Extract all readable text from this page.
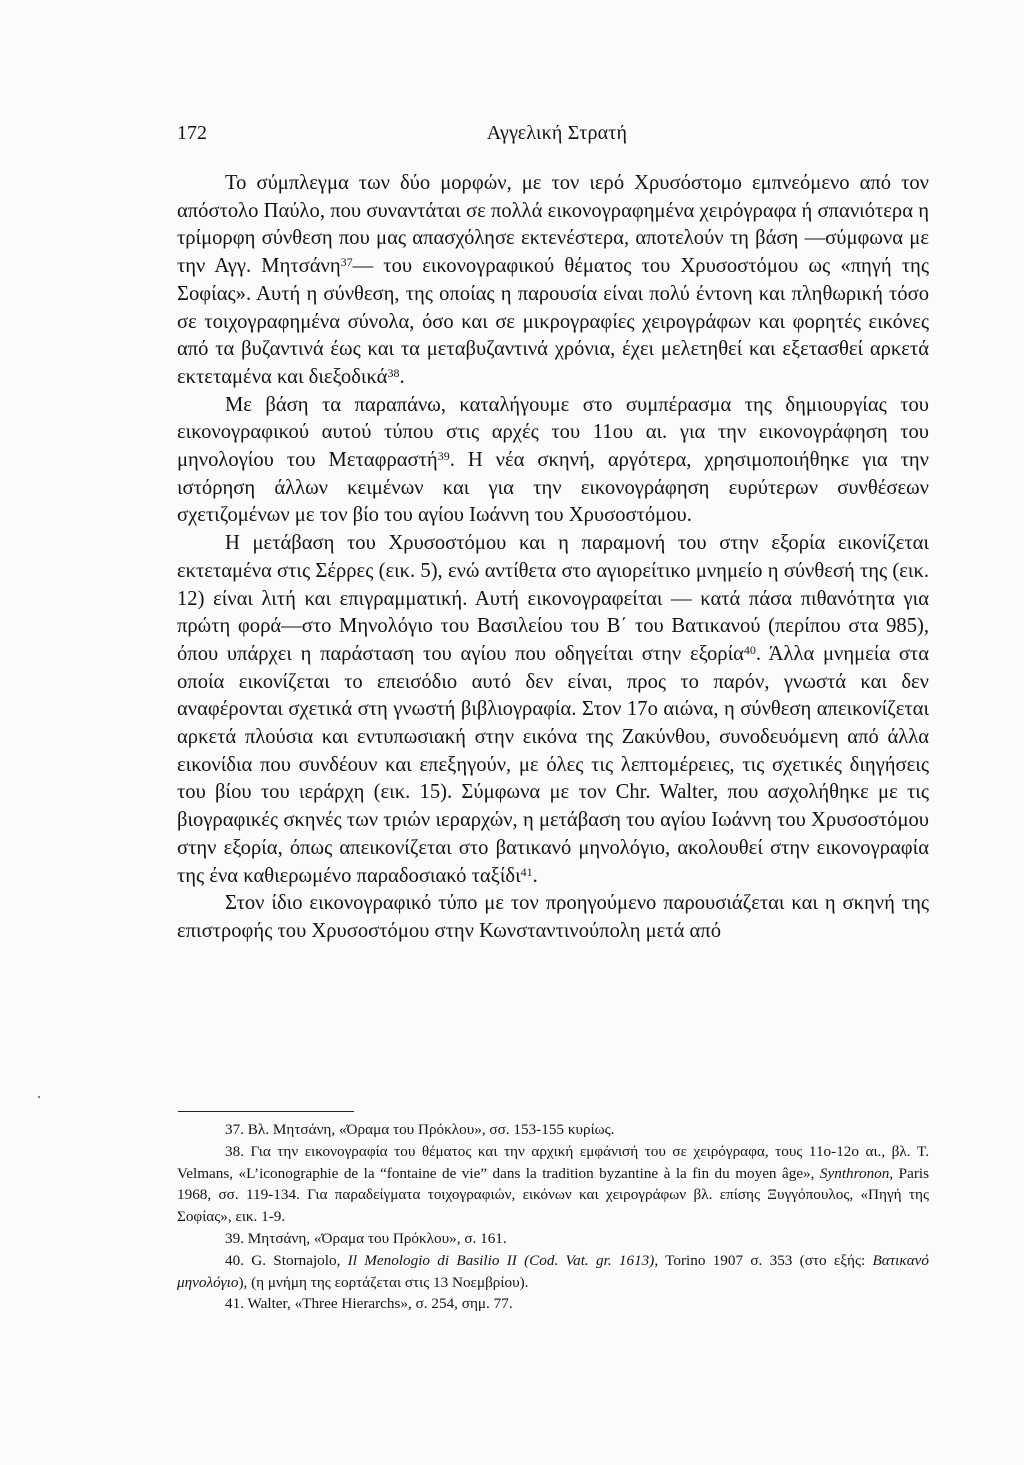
172	Αγγελική Στρατή

Το σύμπλεγμα των δύο μορφών, με τον ιερό Χρυσόστομο εμπνεόμενο από τον απόστολο Παύλο, που συναντάται σε πολλά εικονογραφημένα χειρόγραφα ή σπανιότερα η τρίμορφη σύνθεση που μας απασχόλησε εκτενέστερα, αποτελούν τη βάση —σύμφωνα με την Αγγ. Μητσάνη$^{37}$— του εικονογραφικού θέματος του Χρυσοστόμου ως «πηγή της Σοφίας». Αυτή η σύνθεση, της οποίας η παρουσία είναι πολύ έντονη και πληθωρική τόσο σε τοιχογραφημένα σύνολα, όσο και σε μικρογραφίες χειρογράφων και φορητές εικόνες από τα βυζαντινά έως και τα μεταβυζαντινά χρόνια, έχει μελετηθεί και εξετασθεί αρκετά εκτεταμένα και διεξοδικά$^{38}$.

Με βάση τα παραπάνω, καταλήγουμε στο συμπέρασμα της δημιουργίας του εικονογραφικού αυτού τύπου στις αρχές του 11ου αι. για την εικονογράφηση του μηνολογίου του Μεταφραστή$^{39}$. Η νέα σκηνή, αργότερα, χρησιμοποιήθηκε για την ιστόρηση άλλων κειμένων και για την εικονογράφηση ευρύτερων συνθέσεων σχετιζομένων με τον βίο του αγίου Ιωάννη του Χρυσοστόμου.

Η μετάβαση του Χρυσοστόμου και η παραμονή του στην εξορία εικονίζεται εκτεταμένα στις Σέρρες (εικ. 5), ενώ αντίθετα στο αγιορείτικο μνημείο η σύνθεσή της (εικ. 12) είναι λιτή και επιγραμματική. Αυτή εικονογραφείται — κατά πάσα πιθανότητα για πρώτη φορά—στο Μηνολόγιο του Βασιλείου του Β΄ του Βατικανού (περίπου στα 985), όπου υπάρχει η παράσταση του αγίου που οδηγείται στην εξορία$^{40}$. Άλλα μνημεία στα οποία εικονίζεται το επεισόδιο αυτό δεν είναι, προς το παρόν, γνωστά και δεν αναφέρονται σχετικά στη γνωστή βιβλιογραφία. Στον 17ο αιώνα, η σύνθεση απεικονίζεται αρκετά πλούσια και εντυπωσιακή στην εικόνα της Ζακύνθου, συνοδευόμενη από άλλα εικονίδια που συνδέουν και επεξηγούν, με όλες τις λεπτομέρειες, τις σχετικές διηγήσεις του βίου του ιεράρχη (εικ. 15). Σύμφωνα με τον Chr. Walter, που ασχολήθηκε με τις βιογραφικές σκηνές των τριών ιεραρχών, η μετάβαση του αγίου Ιωάννη του Χρυσοστόμου στην εξορία, όπως απεικονίζεται στο βατικανό μηνολόγιο, ακολουθεί στην εικονογραφία της ένα καθιερωμένο παραδοσιακό ταξίδι$^{41}$.

Στον ίδιο εικονογραφικό τύπο με τον προηγούμενο παρουσιάζεται και η σκηνή της επιστροφής του Χρυσοστόμου στην Κωνσταντινούπολη μετά από

37. Βλ. Μητσάνη, «Όραμα του Πρόκλου», σσ. 153-155 κυρίως.

38. Για την εικονογραφία του θέματος και την αρχική εμφάνισή του σε χειρόγραφα, τους 11ο-12ο αι., βλ. T. Velmans, «L’iconographie de la “fontaine de vie” dans la tradition byzantine à la fin du moyen âge», Synthronon, Paris 1968, σσ. 119-134. Για παραδείγματα τοιχογραφιών, εικόνων και χειρογράφων βλ. επίσης Ξυγγόπουλος, «Πηγή της Σοφίας», εικ. 1-9.

39. Μητσάνη, «Όραμα του Πρόκλου», σ. 161.

40. G. Stornajolo, Il Menologio di Basilio II (Cod. Vat. gr. 1613), Torino 1907 σ. 353 (στο εξής: Βατικανό μηνολόγιο), (η μνήμη της εορτάζεται στις 13 Νοεμβρίου).

41. Walter, «Three Hierarchs», σ. 254, σημ. 77.
